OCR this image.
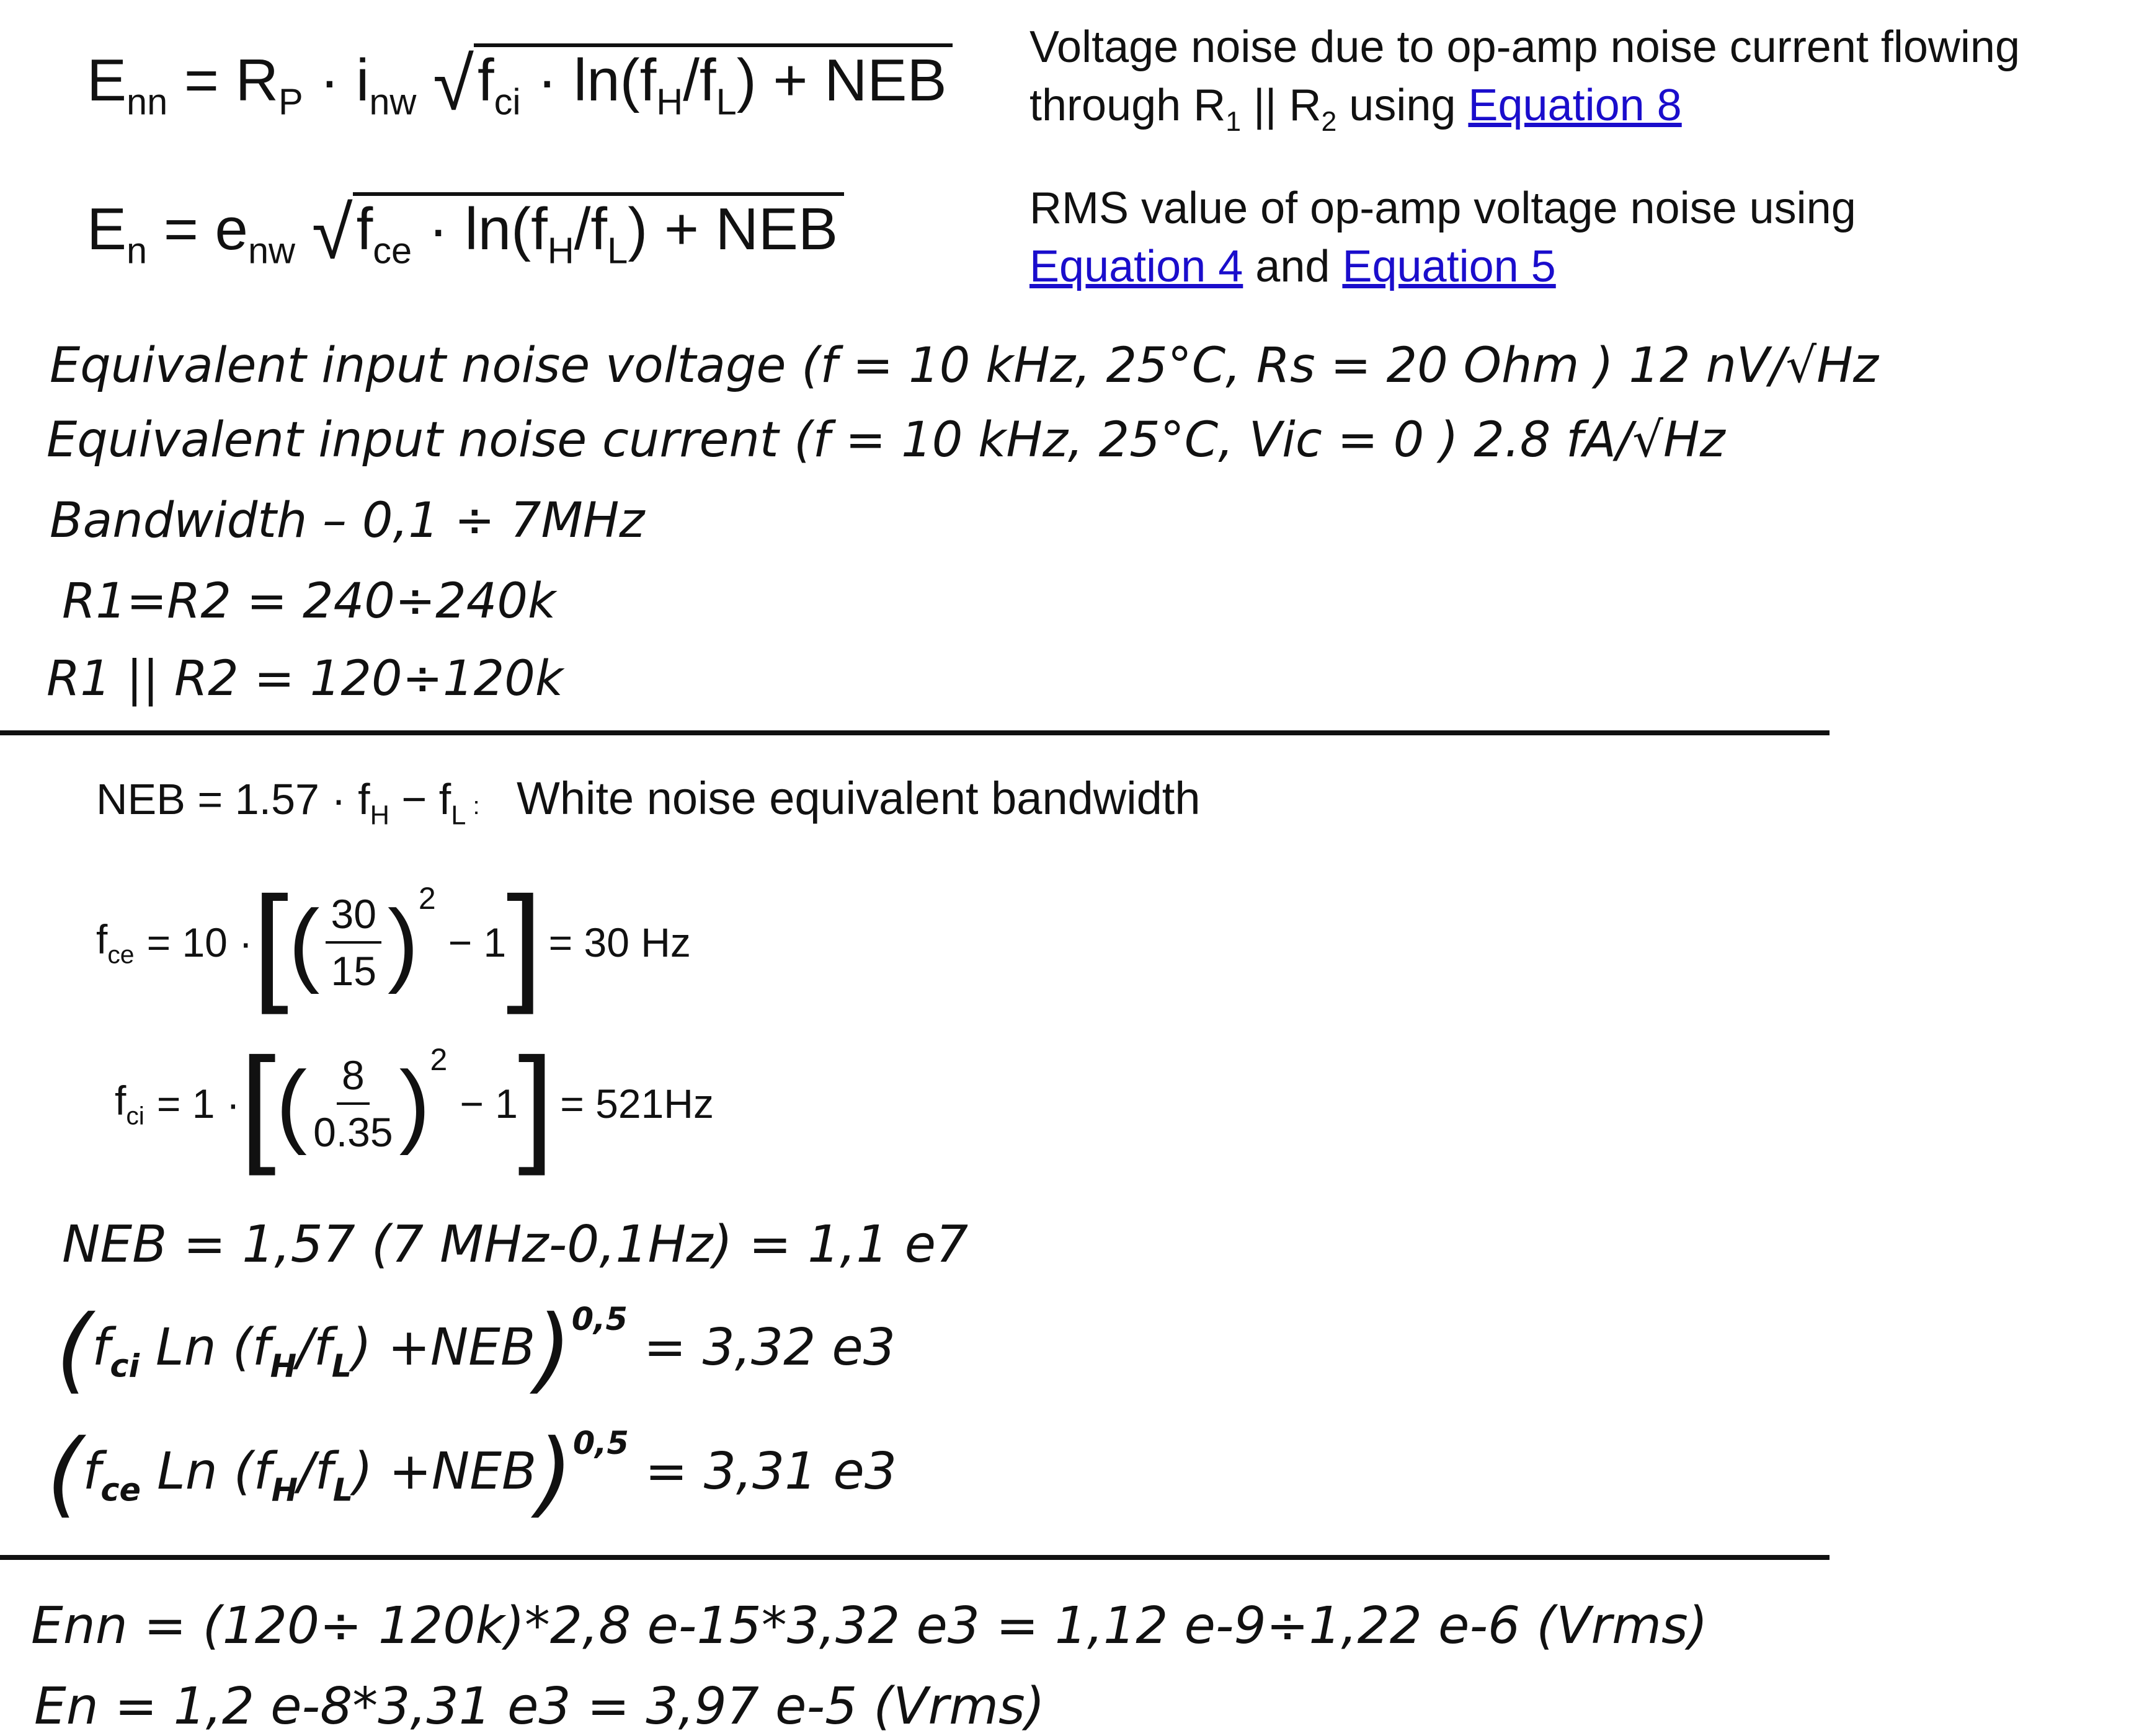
$E_{nn} = R_P \cdot i_{nw}$ $√f_{ci} \cdot \ln(f_H/f_L)$ + NEB Voltage noise due to op-amp noise current flowing
through $R_1$ || $R_2$ using Equation 8
$E_n = e_{nw}$ $√f_{ce} \cdot \ln(f_H/f_L)$ + NEB	RMS value of op-amp voltage noise using
Equation 4 and Equation 5
Equivalent input noise voltage (f = 10 kHz, 25°C, Rs = 20 Ohm ) 12 nV/√Hz
Equivalent input noise current (f = 10 kHz, 25°C, Vic = 0 ) 2.8 fA/√Hz
Bandwidth – 0,1 ÷ 7MHz
R1=R2 = 240÷240k
R1 || R2 = 120÷120k
NEB = $1.57 \cdot f_H - f_L$ : White noise equivalent bandwidth
$f_{ce} = 10$ · [ ( $\frac{30}{15}$ ) 2
− 1 ] = 30 Hz
$f_{ci} = 1$ · [ ( $\frac{8}{0.35}$ ) 2
− 1 ] = 521Hz
NEB = 1,57 (7 MHz-0,1Hz) = 1,1 e7
($f_{ci}$ Ln $(f_H/f_L) +NEB)^{0,5} = 3,32$ e3
($f_{ce}$ Ln $(f_H/f_L) +NEB)^{0,5} = 3,31$ e3
Enn = (120÷ 120k)*2,8 e-15*3,32 e3 = 1,12 e-9÷1,22 e-6 (Vrms)
En = 1,2 e-8*3,31 e3 = 3,97 e-5 (Vrms)
